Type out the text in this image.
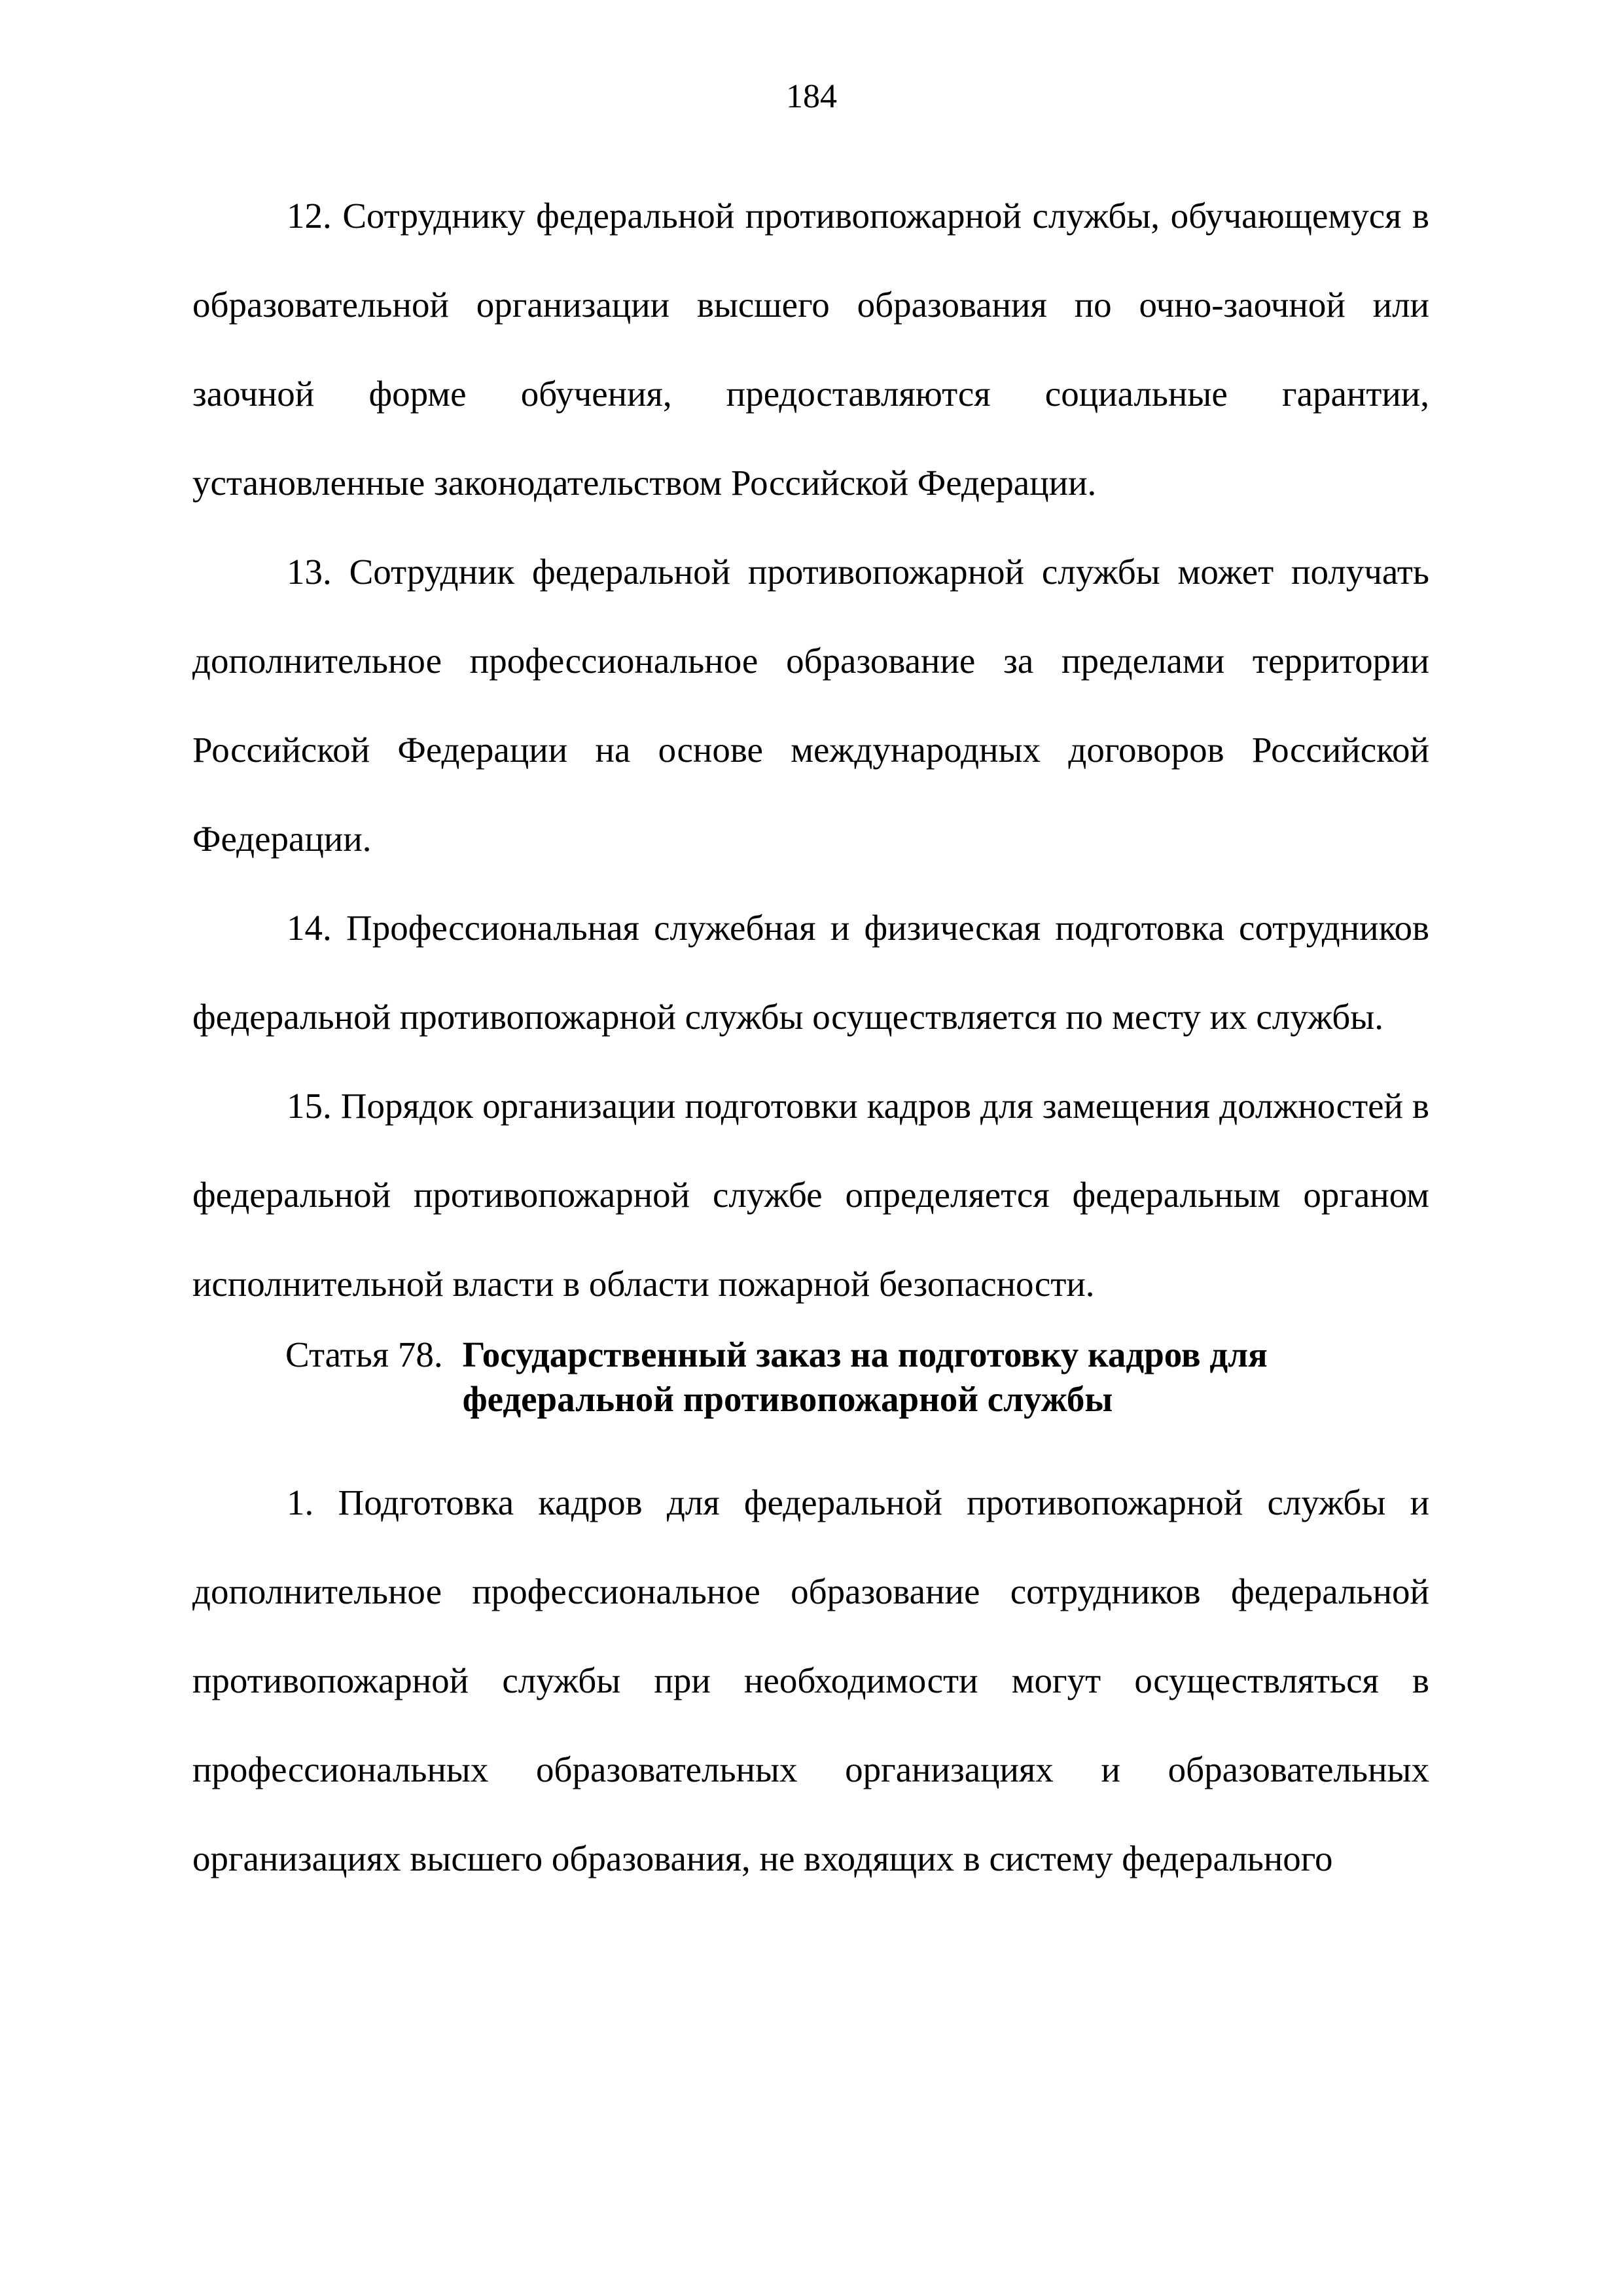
184

12. Сотруднику федеральной противопожарной службы, обучающемуся в образовательной организации высшего образования по очно-заочной или заочной форме обучения, предоставляются социальные гарантии, установленные законодательством Российской Федерации.

13. Сотрудник федеральной противопожарной службы может получать дополнительное профессиональное образование за пределами территории Российской Федерации на основе международных договоров Российской Федерации.

14. Профессиональная служебная и физическая подготовка сотрудников федеральной противопожарной службы осуществляется по месту их службы.

15. Порядок организации подготовки кадров для замещения должностей в федеральной противопожарной службе определяется федеральным органом исполнительной власти в области пожарной безопасности.

Статья 78. Государственный заказ на подготовку кадров для федеральной противопожарной службы

1. Подготовка кадров для федеральной противопожарной службы и дополнительное профессиональное образование сотрудников федеральной противопожарной службы при необходимости могут осуществляться в профессиональных образовательных организациях и образовательных организациях высшего образования, не входящих в систему федерального
